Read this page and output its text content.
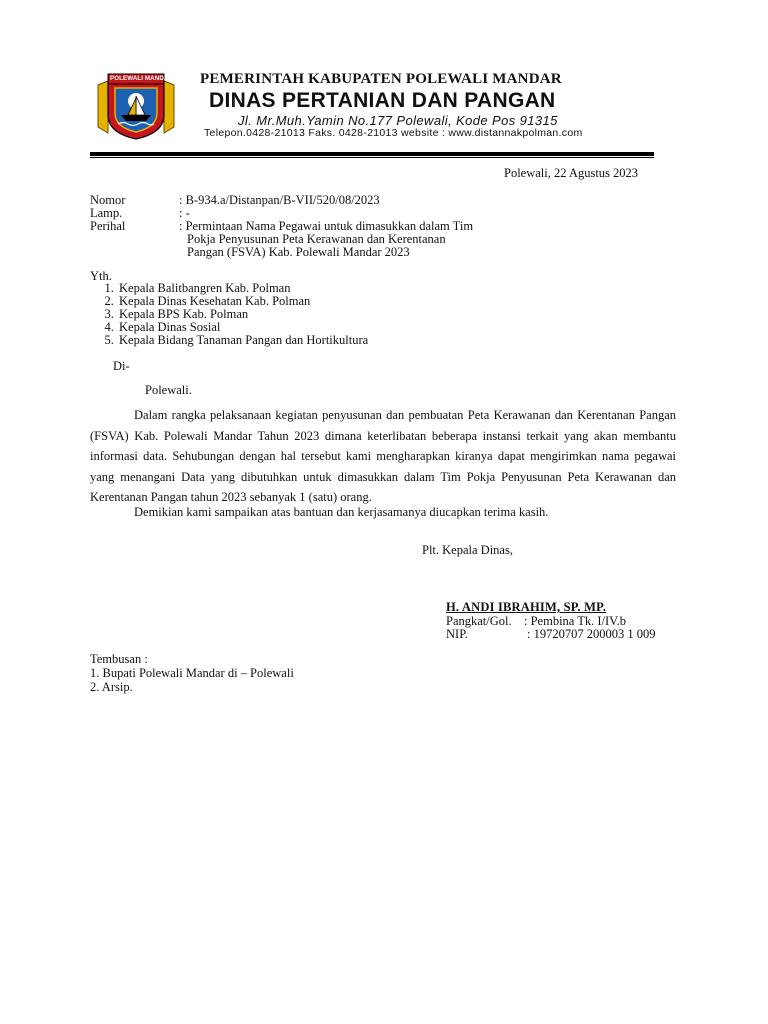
POLEWALI MANDAR PEMERINTAH KABUPATEN POLEWALI MANDAR
DINAS PERTANIAN DAN PANGAN
Jl. Mr.Muh.Yamin No.177 Polewali, Kode Pos 91315
Telepon.0428-21013 Faks. 0428-21013 website : www.distannakpolman.com
Polewali, 22 Agustus 2023
Nomor	: B-934.a/Distanpan/B-VII/520/08/2023
Lamp.	: -
Perihal	: Permintaan Nama Pegawai untuk dimasukkan dalam Tim
Pokja Penyusunan Peta Kerawanan dan Kerentanan
Pangan (FSVA) Kab. Polewali Mandar 2023
Yth.
1. Kepala Balitbangren Kab. Polman
2. Kepala Dinas Kesehatan Kab. Polman
3. Kepala BPS Kab. Polman
4. Kepala Dinas Sosial
5. Kepala Bidang Tanaman Pangan dan Hortikultura
Di-
Polewali.
Dalam rangka pelaksanaan kegiatan penyusunan dan pembuatan Peta Kerawanan dan Kerentanan Pangan (FSVA) Kab. Polewali Mandar Tahun 2023 dimana keterlibatan beberapa instansi terkait yang akan membantu informasi data. Sehubungan dengan hal tersebut kami mengharapkan kiranya dapat mengirimkan nama pegawai yang menangani Data yang dibutuhkan untuk dimasukkan dalam Tim Pokja Penyusunan Peta Kerawanan dan Kerentanan Pangan tahun 2023 sebanyak 1 (satu) orang.
Demikian kami sampaikan atas bantuan dan kerjasamanya diucapkan terima kasih.
Plt. Kepala Dinas,
H. ANDI IBRAHIM, SP. MP.
Pangkat/Gol. : Pembina Tk. I/IV.b
NIP.	: 19720707 200003 1 009
Tembusan :
1. Bupati Polewali Mandar di – Polewali
2. Arsip.
